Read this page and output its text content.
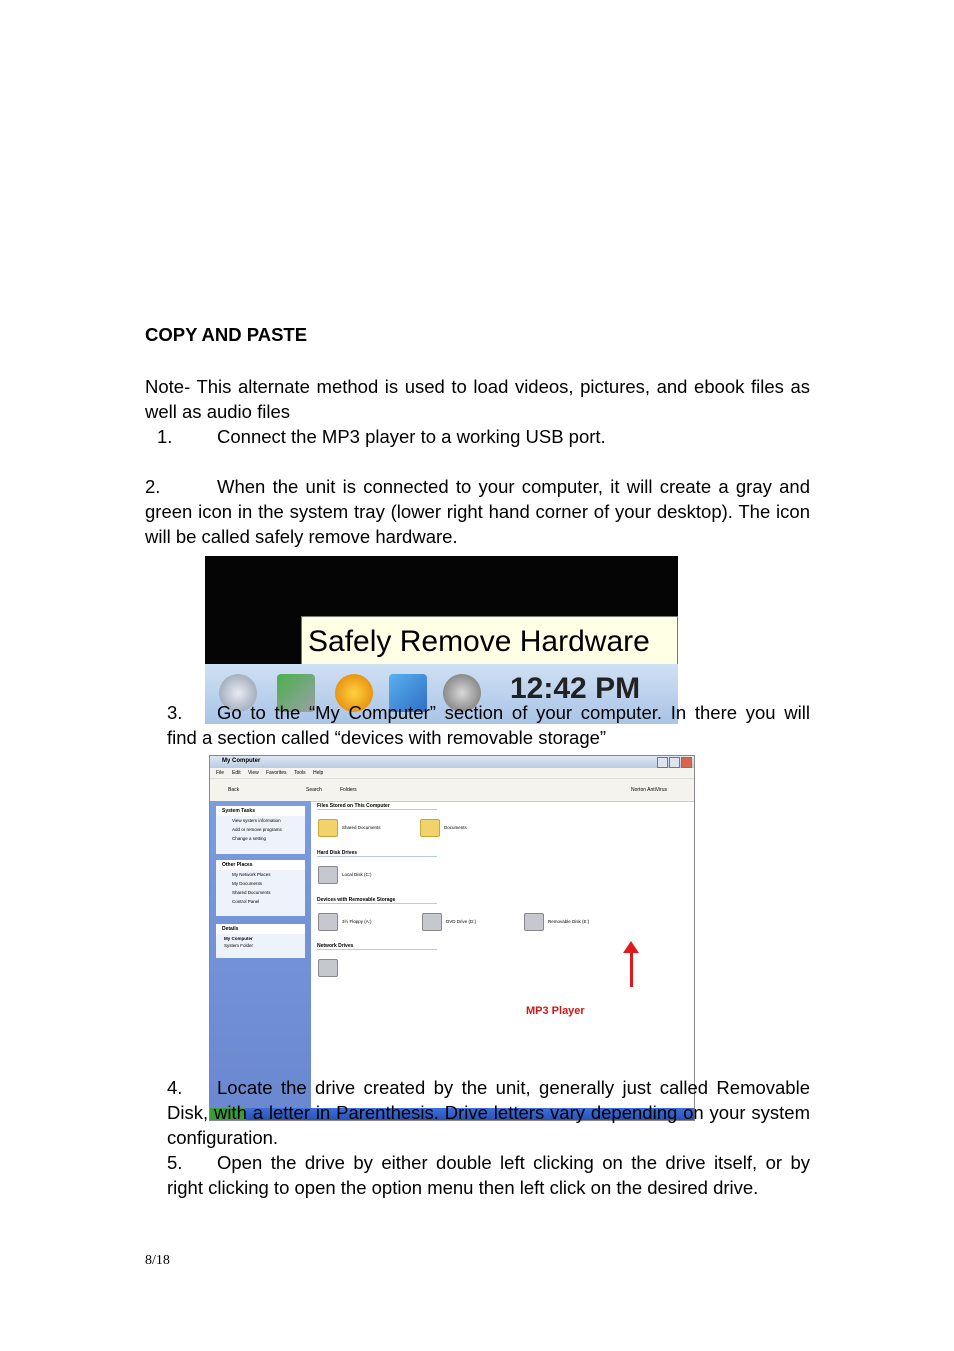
COPY AND PASTE
Note- This alternate method is used to load videos, pictures, and ebook files as well as audio files
1. Connect the MP3 player to a working USB port.
2.	When the unit is connected to your computer, it will create a gray and
green icon in the system tray (lower right hand corner of your desktop). The icon will be called safely remove hardware.
Safely Remove Hardware
12:42 PM
My Computer
File Edit View Favorites Tools Help
Back	Search	Folders	Norton AntiVirus
System Tasks
View system information
Add or remove programs
Change a setting
Other Places
My Network Places
My Documents
Shared Documents
Control Panel
Details
My Computer
System Folder
Files Stored on This Computer
Shared Documents	Documents
Hard Disk Drives
Local Disk (C:)
Devices with Removable Storage
3½ Floppy (A:)	DVD Drive (D:)	Removable Disk (E:)
Network Drives
MP3 Player
3. Go to the “My Computer” section of your computer. In there you will
find a section called “devices with removable storage”
4. Locate the drive created by the unit, generally just called Removable
Disk, with a letter in Parenthesis. Drive letters vary depending on your system configuration.
5. Open the drive by either double left clicking on the drive itself, or by
right clicking to open the option menu then left click on the desired drive.
8/18
